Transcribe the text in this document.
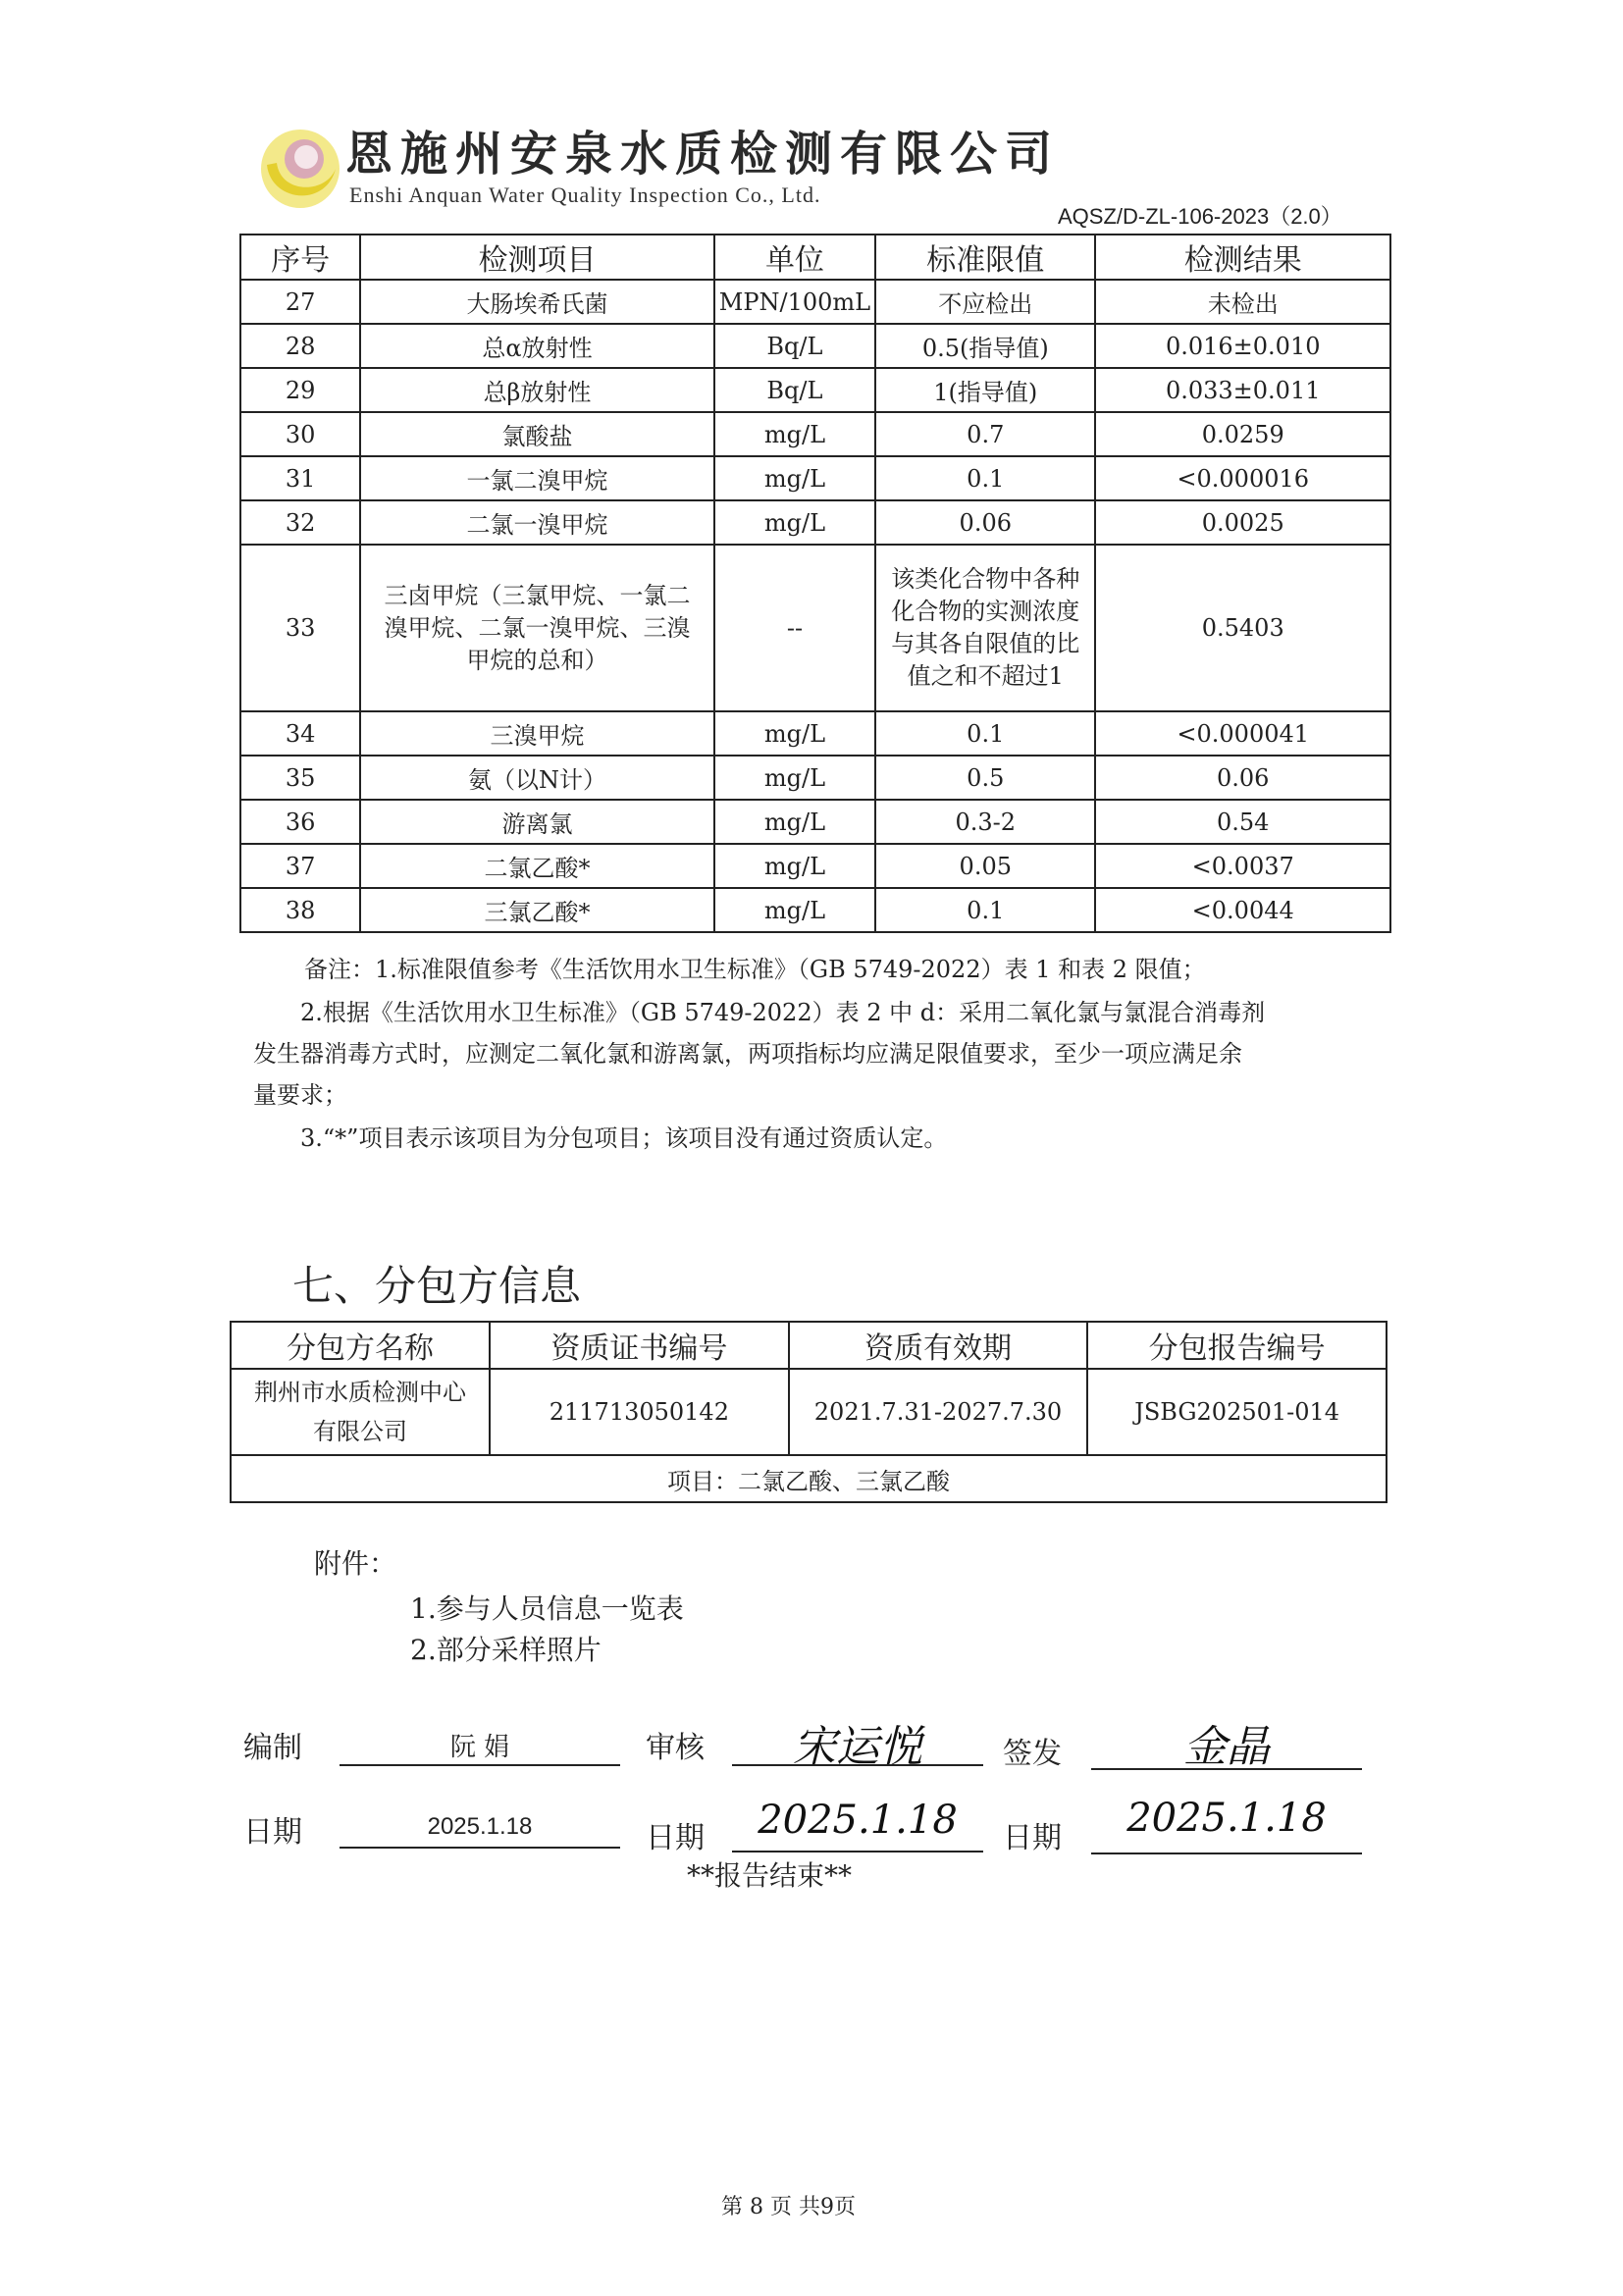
恩施州安泉水质检测有限公司
Enshi Anquan Water Quality Inspection Co., Ltd.
AQSZ/D-ZL-106-2023（2.0）
序号	检测项目	单位	标准限值	检测结果
27	大肠埃希氏菌	MPN/100mL	不应检出	未检出
28	总α放射性	Bq/L	0.5(指导值)	0.016±0.010
29	总β放射性	Bq/L	1(指导值)	0.033±0.011
30	氯酸盐	mg/L	0.7	0.0259
31	一氯二溴甲烷	mg/L	0.1	<0.000016
32	二氯一溴甲烷	mg/L	0.06	0.0025
33	三卤甲烷（三氯甲烷、一氯二溴甲烷、二氯一溴甲烷、三溴甲烷的总和）	--	该类化合物中各种化合物的实测浓度与其各自限值的比值之和不超过1	0.5403
34	三溴甲烷	mg/L	0.1	<0.000041
35	氨（以N计）	mg/L	0.5	0.06
36	游离氯	mg/L	0.3-2	0.54
37	二氯乙酸*	mg/L	0.05	<0.0037
38	三氯乙酸*	mg/L	0.1	<0.0044
备注：1.标准限值参考《生活饮用水卫生标准》（GB 5749-2022）表 1 和表 2 限值；
2.根据《生活饮用水卫生标准》（GB 5749-2022）表 2 中 d：采用二氧化氯与氯混合消毒剂
发生器消毒方式时，应测定二氧化氯和游离氯，两项指标均应满足限值要求，至少一项应满足余
量要求；
3.“*”项目表示该项目为分包项目；该项目没有通过资质认定。
七、分包方信息
分包方名称	资质证书编号	资质有效期	分包报告编号
荆州市水质检测中心有限公司	211713050142	2021.7.31-2027.7.30	JSBG202501-014
项目：二氯乙酸、三氯乙酸			
附件：
1.参与人员信息一览表
2.部分采样照片
编制	阮 娟	审核	宋运悦	签发	金晶
日期	2025.1.18	日期	2025.1.18	日期	2025.1.18
**报告结束**
第 8 页 共9页
